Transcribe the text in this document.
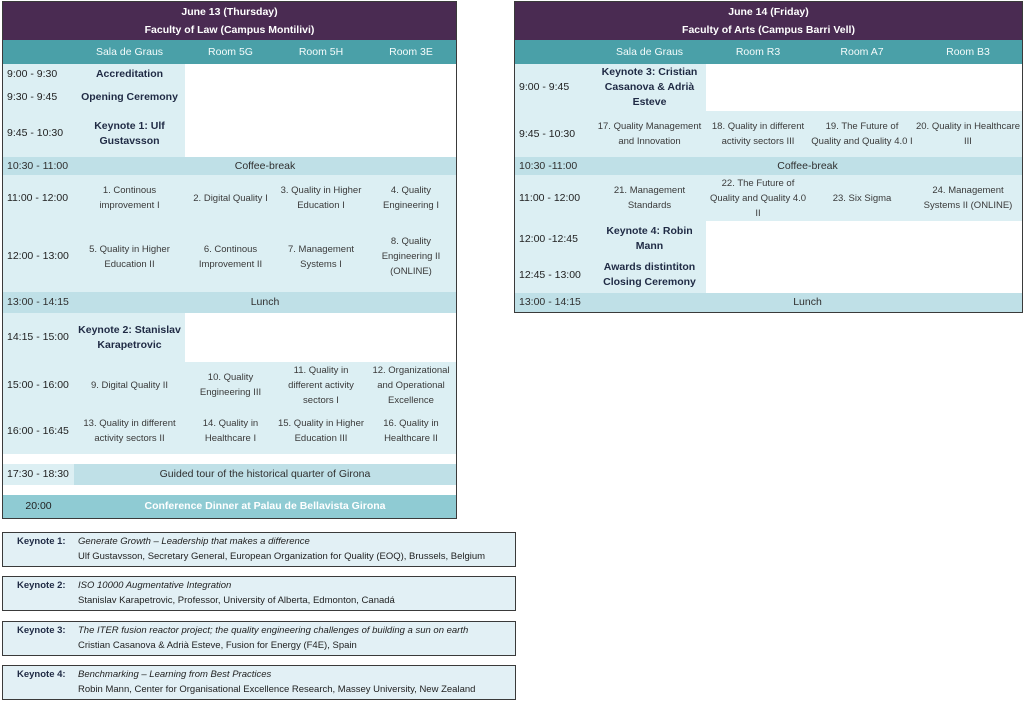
June 13 (Thursday)
Faculty of Law (Campus Montilivi)
	Sala de Graus	Room 5G	Room 5H	Room 3E
9:00 - 9:30	Accreditation			
9:30 - 9:45	Opening Ceremony			
9:45 - 10:30	Keynote 1: Ulf Gustavsson			
10:30 - 11:00	Coffee-break			
11:00 - 12:00	1. Continous improvement I	2. Digital Quality I	3. Quality in Higher Education I	4. Quality Engineering I
12:00 - 13:00	5. Quality in Higher Education II	6. Continous Improvement II	7. Management Systems I	8. Quality Engineering II (ONLINE)
13:00 - 14:15	Lunch			
14:15 - 15:00	Keynote 2: Stanislav Karapetrovic			
15:00 - 16:00	9. Digital Quality II	10. Quality Engineering III	11. Quality in different activity sectors I	12. Organizational and Operational Excellence
16:00 - 16:45	13. Quality in different activity sectors II	14. Quality in Healthcare I	15. Quality in Higher Education III	16. Quality in Healthcare II

17:30 - 18:30	Guided tour of the historical quarter of Girona			

20:00	Conference Dinner at Palau de Bellavista Girona			
June 14 (Friday)
Faculty of Arts (Campus Barri Vell)
	Sala de Graus	Room R3	Room A7	Room B3
9:00 - 9:45	Keynote 3: Cristian Casanova & Adrià Esteve			
9:45 - 10:30	17. Quality Management and Innovation	18. Quality in different activity sectors III	19. The Future of Quality and Quality 4.0 I	20. Quality in Healthcare III
10:30 -11:00	Coffee-break			
11:00 - 12:00	21. Management Standards	22. The Future of Quality and Quality 4.0 II	23. Six Sigma	24. Management Systems II (ONLINE)
12:00 -12:45	Keynote 4: Robin Mann			
12:45 - 13:00	Awards distintiton Closing Ceremony			
13:00 - 14:15	Lunch			
Keynote 1: Generate Growth – Leadership that makes a difference
Ulf Gustavsson, Secretary General, European Organization for Quality (EOQ), Brussels, Belgium
Keynote 2: ISO 10000 Augmentative Integration
Stanislav Karapetrovic, Professor, University of Alberta, Edmonton, Canadá
Keynote 3: The ITER fusion reactor project; the quality engineering challenges of building a sun on earth
Cristian Casanova & Adrià Esteve, Fusion for Energy (F4E), Spain
Keynote 4: Benchmarking – Learning from Best Practices
Robin Mann, Center for Organisational Excellence Research, Massey University, New Zealand
